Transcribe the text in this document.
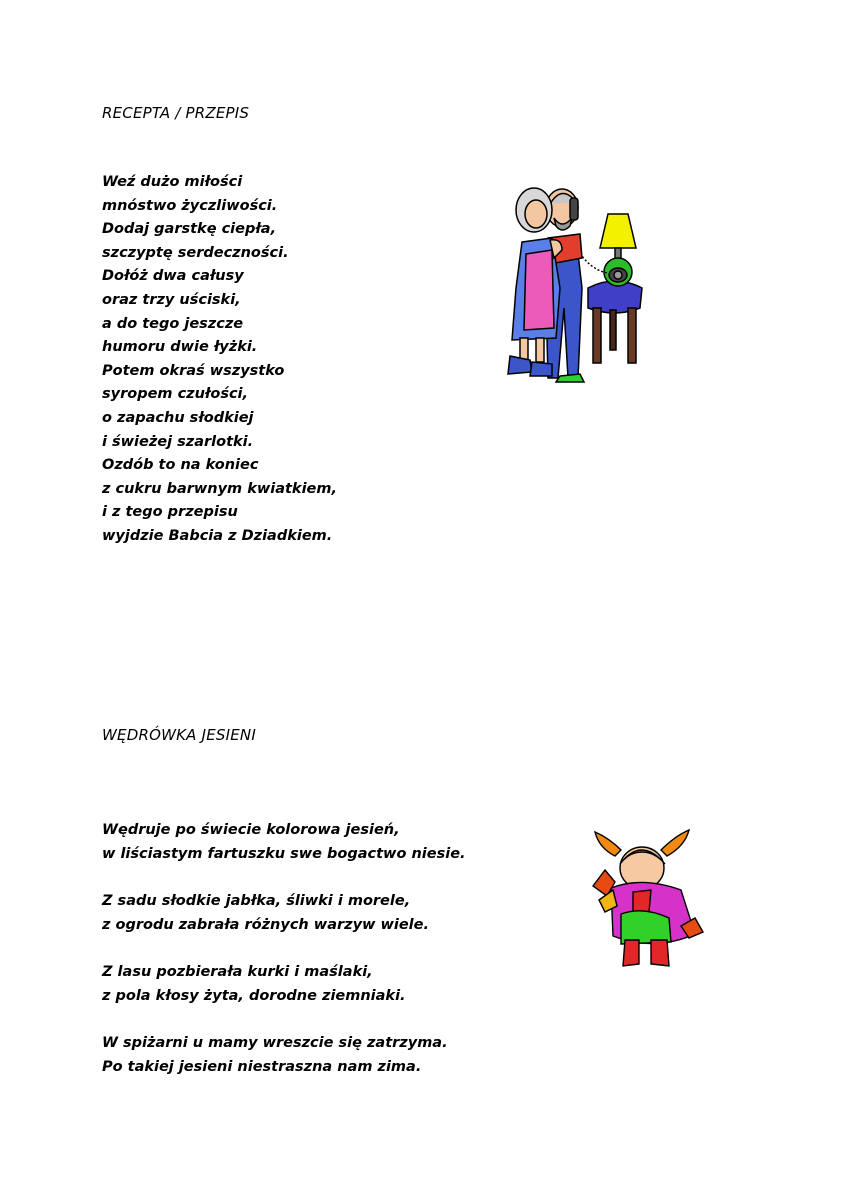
RECEPTA / PRZEPIS
Weź dużo miłości
mnóstwo życzliwości.
Dodaj garstkę ciepła,
szczyptę serdeczności.
Dołóż dwa całusy
oraz trzy uściski,
a do tego jeszcze
humoru dwie łyżki.
Potem okraś wszystko
syropem czułości,
o zapachu słodkiej
i świeżej szarlotki.
Ozdób to na koniec
z cukru barwnym kwiatkiem,
i z tego przepisu
wyjdzie Babcia z Dziadkiem.
WĘDRÓWKA JESIENI
Wędruje po świecie kolorowa jesień,
w liściastym fartuszku swe bogactwo niesie.
Z sadu słodkie jabłka, śliwki i morele,
z ogrodu zabrała różnych warzyw wiele.
Z lasu pozbierała kurki i maślaki,
z pola kłosy żyta, dorodne ziemniaki.
W spiżarni u mamy wreszcie się zatrzyma.
Po takiej jesieni niestraszna nam zima.
